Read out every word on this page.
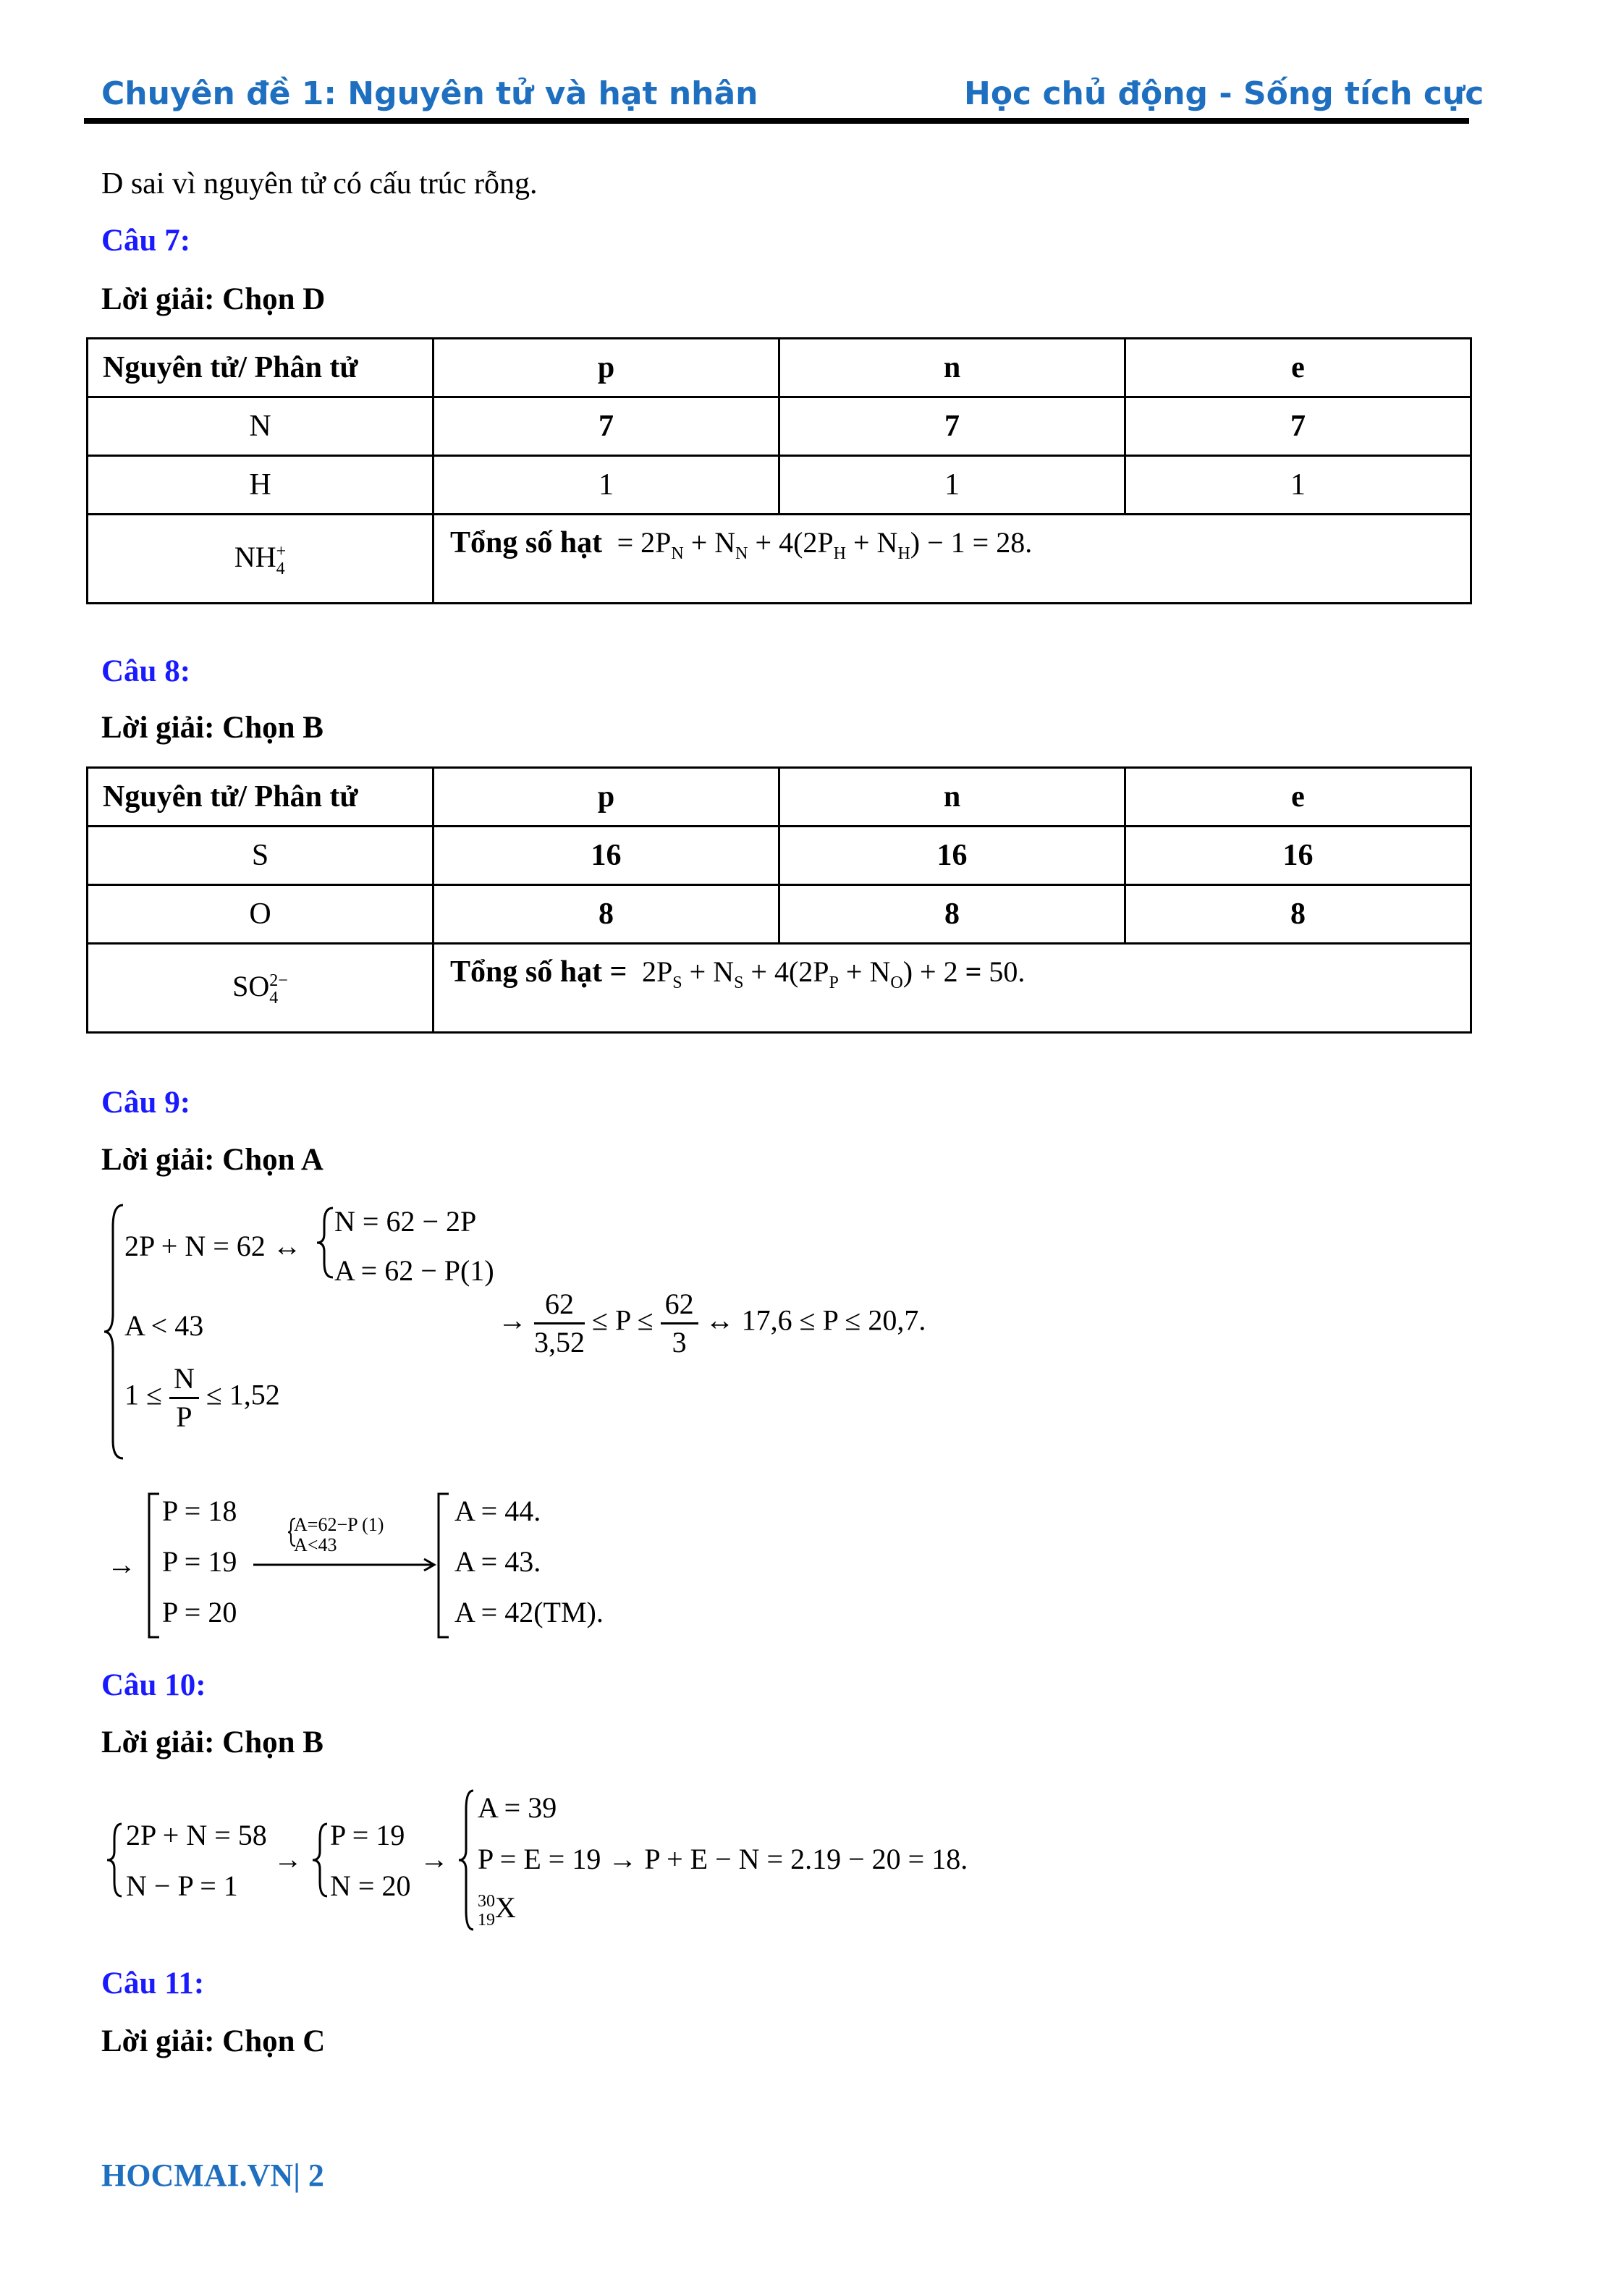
Chuyên đề 1: Nguyên tử và hạt nhân	Học chủ động - Sống tích cực
D sai vì nguyên tử có cấu trúc rỗng.
Câu 7:
Lời giải: Chọn D
Nguyên tử/ Phân tử	p	n	e
N	7	7	7
H	1	1	1
NH +
4	Tổng số hạt  = $2P_N + N_N + 4(2P_H + N_H) - 1 = 28$.		
Câu 8:
Lời giải: Chọn B
Nguyên tử/ Phân tử	p	n	e
S	16	16	16
O	8	8	8
SO 2−
4	Tổng số hạt =  $2P_S + N_S + 4(2P_P + N_O) + 2 = 50$.		
Câu 9:
Lời giải: Chọn A
2P + N = 62 ↔
N = 62 − 2P
A = 62 − P(1)
A < 43
$1 \le \frac{N}{P} \le 1,52$
→ $\frac{62}{3,52} \le P \le \frac{62}{3}$ ↔ 17,6 ≤ P ≤ 20,7.
→
P = 18
P = 19
P = 20
A=62−P (1)
A<43
A = 44.
A = 43.
A = 42(TM).
Câu 10:
Lời giải: Chọn B
2P + N = 58
N − P = 1
→
P = 19
N = 20
→
A = 39
P = E = 19 → P + E − N = 2.19 − 20 = 18.
30
19 X
Câu 11:
Lời giải: Chọn C
HOCMAI.VN| 2
